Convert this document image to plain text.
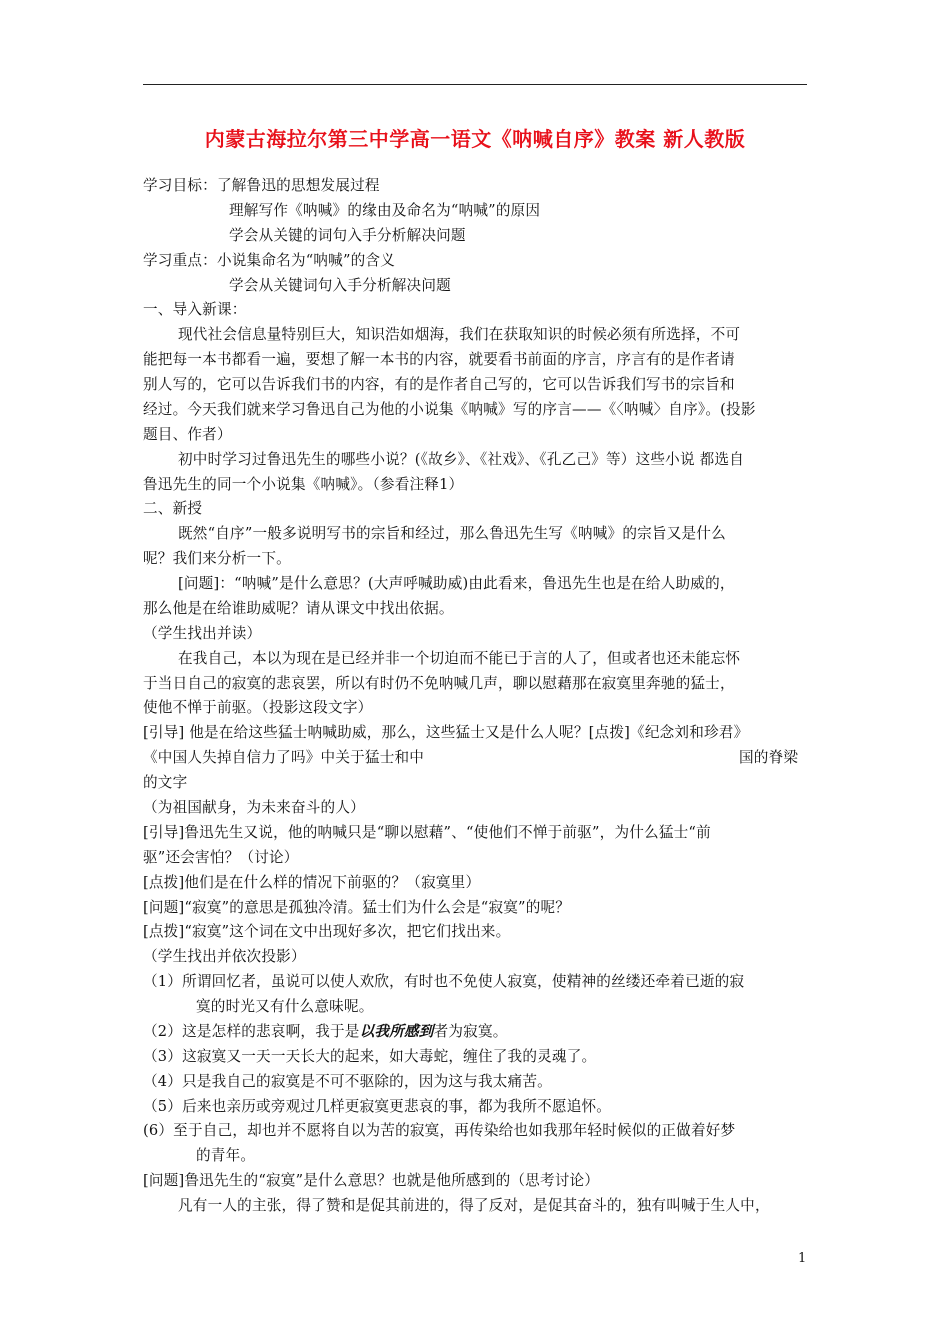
内蒙古海拉尔第三中学高一语文《呐喊自序》教案 新人教版
学习目标：了解鲁迅的思想发展过程
理解写作《呐喊》的缘由及命名为“呐喊”的原因
学会从关键的词句入手分析解决问题
学习重点：小说集命名为“呐喊”的含义
学会从关键词句入手分析解决问题
一、导入新课：
现代社会信息量特别巨大，知识浩如烟海，我们在获取知识的时候必须有所选择，不可
能把每一本书都看一遍，要想了解一本书的内容，就要看书前面的序言，序言有的是作者请
别人写的，它可以告诉我们书的内容，有的是作者自己写的，它可以告诉我们写书的宗旨和
经过。今天我们就来学习鲁迅自己为他的小说集《呐喊》写的序言——《〈呐喊〉自序》。(投影
题目、作者）
初中时学习过鲁迅先生的哪些小说？(《故乡》、《社戏》、《孔乙己》等）这些小说 都选自
鲁迅先生的同一个小说集《呐喊》。（参看注释1）
二、新授
既然“自序”一般多说明写书的宗旨和经过，那么鲁迅先生写《呐喊》的宗旨又是什么
呢？我们来分析一下。
[问题]：“呐喊”是什么意思？(大声呼喊助威)由此看来，鲁迅先生也是在给人助威的，
那么他是在给谁助威呢？请从课文中找出依据。
（学生找出并读）
在我自己，本以为现在是已经并非一个切迫而不能已于言的人了，但或者也还未能忘怀
于当日自己的寂寞的悲哀罢，所以有时仍不免呐喊几声，聊以慰藉那在寂寞里奔驰的猛士，
使他不惮于前驱。（投影这段文字）
[引导] 他是在给这些猛士呐喊助威，那么，这些猛士又是什么人呢？[点拨]《纪念刘和珍君》
《中国人失掉自信力了吗》中关于猛士和中	国的脊梁
的文字
（为祖国献身，为未来奋斗的人）
[引导]鲁迅先生又说，他的呐喊只是“聊以慰藉”、“使他们不惮于前驱”，为什么猛士“前
驱”还会害怕？（讨论）
[点拨]他们是在什么样的情况下前驱的？（寂寞里）
[问题]“寂寞”的意思是孤独冷清。猛士们为什么会是“寂寞”的呢？
[点拨]“寂寞”这个词在文中出现好多次，把它们找出来。
（学生找出并依次投影）
（1）所谓回忆者，虽说可以使人欢欣，有时也不免使人寂寞，使精神的丝缕还牵着已逝的寂
寞的时光又有什么意味呢。
（2）这是怎样的悲哀啊，我于是以我所感到者为寂寞。
（3）这寂寞又一天一天长大的起来，如大毒蛇，缠住了我的灵魂了。
（4）只是我自己的寂寞是不可不驱除的，因为这与我太痛苦。
（5）后来也亲历或旁观过几样更寂寞更悲哀的事，都为我所不愿追怀。
(6）至于自己，却也并不愿将自以为苦的寂寞，再传染给也如我那年轻时候似的正做着好梦
的青年。
[问题]鲁迅先生的“寂寞”是什么意思？也就是他所感到的（思考讨论）
凡有一人的主张，得了赞和是促其前进的，得了反对，是促其奋斗的，独有叫喊于生人中，
1
